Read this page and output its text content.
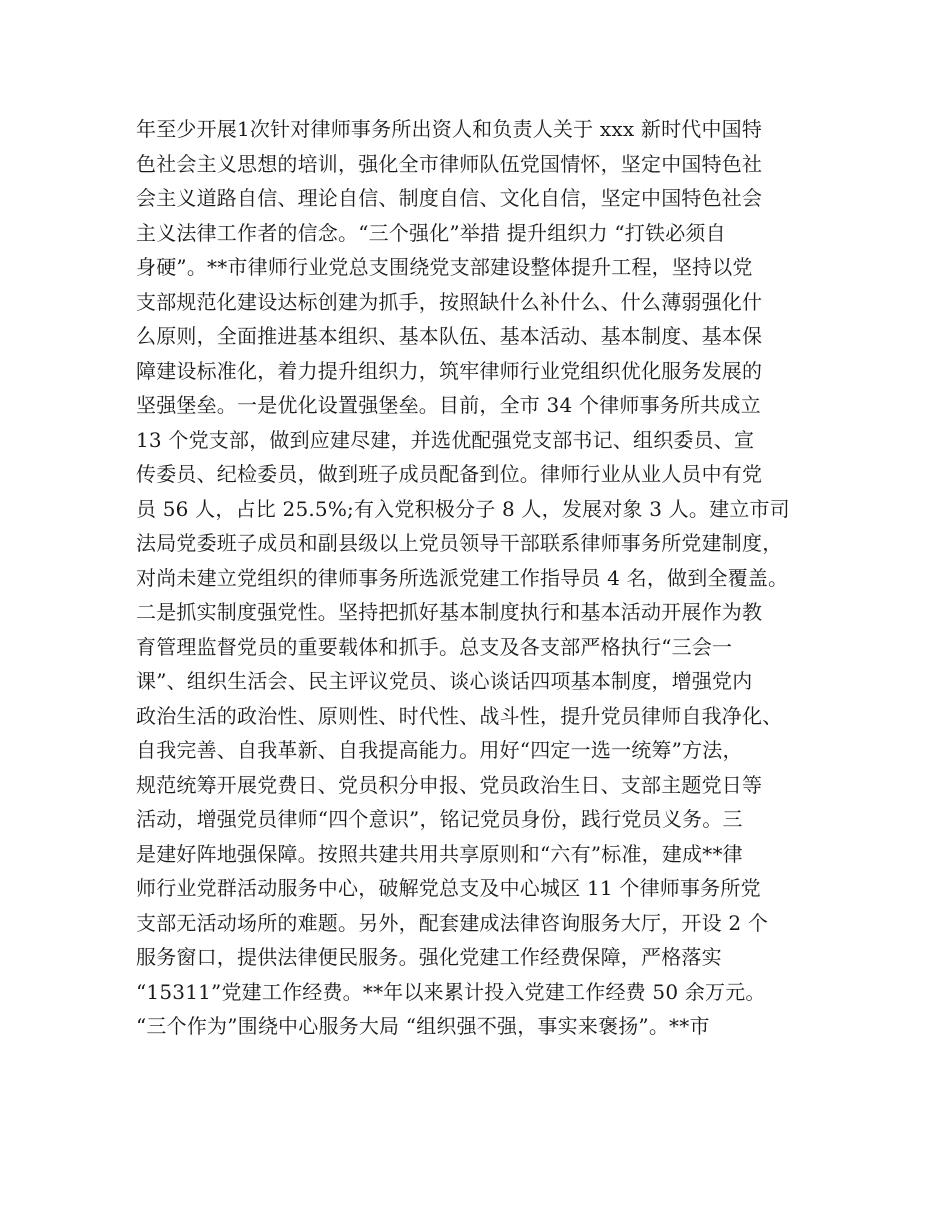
年至少开展1次针对律师事务所出资人和负责人关于 xxx 新时代中国特
色社会主义思想的培训，强化全市律师队伍党国情怀，坚定中国特色社
会主义道路自信、理论自信、制度自信、文化自信，坚定中国特色社会
主义法律工作者的信念。“三个强化”举措 提升组织力 “打铁必须自
身硬”。**市律师行业党总支围绕党支部建设整体提升工程，坚持以党
支部规范化建设达标创建为抓手，按照缺什么补什么、什么薄弱强化什
么原则，全面推进基本组织、基本队伍、基本活动、基本制度、基本保
障建设标准化，着力提升组织力，筑牢律师行业党组织优化服务发展的
坚强堡垒。一是优化设置强堡垒。目前，全市 34 个律师事务所共成立
13 个党支部，做到应建尽建，并选优配强党支部书记、组织委员、宣
传委员、纪检委员，做到班子成员配备到位。律师行业从业人员中有党
员 56 人，占比 25.5%;有入党积极分子 8 人，发展对象 3 人。建立市司
法局党委班子成员和副县级以上党员领导干部联系律师事务所党建制度，
对尚未建立党组织的律师事务所选派党建工作指导员 4 名，做到全覆盖。
二是抓实制度强党性。坚持把抓好基本制度执行和基本活动开展作为教
育管理监督党员的重要载体和抓手。总支及各支部严格执行“三会一
课”、组织生活会、民主评议党员、谈心谈话四项基本制度，增强党内
政治生活的政治性、原则性、时代性、战斗性，提升党员律师自我净化、
自我完善、自我革新、自我提高能力。用好“四定一选一统筹”方法，
规范统筹开展党费日、党员积分申报、党员政治生日、支部主题党日等
活动，增强党员律师“四个意识”，铭记党员身份，践行党员义务。三
是建好阵地强保障。按照共建共用共享原则和“六有”标准，建成**律
师行业党群活动服务中心，破解党总支及中心城区 11 个律师事务所党
支部无活动场所的难题。另外，配套建成法律咨询服务大厅，开设 2 个
服务窗口，提供法律便民服务。强化党建工作经费保障，严格落实
“15311”党建工作经费。**年以来累计投入党建工作经费 50 余万元。
“三个作为”围绕中心服务大局 “组织强不强，事实来褒扬”。**市
